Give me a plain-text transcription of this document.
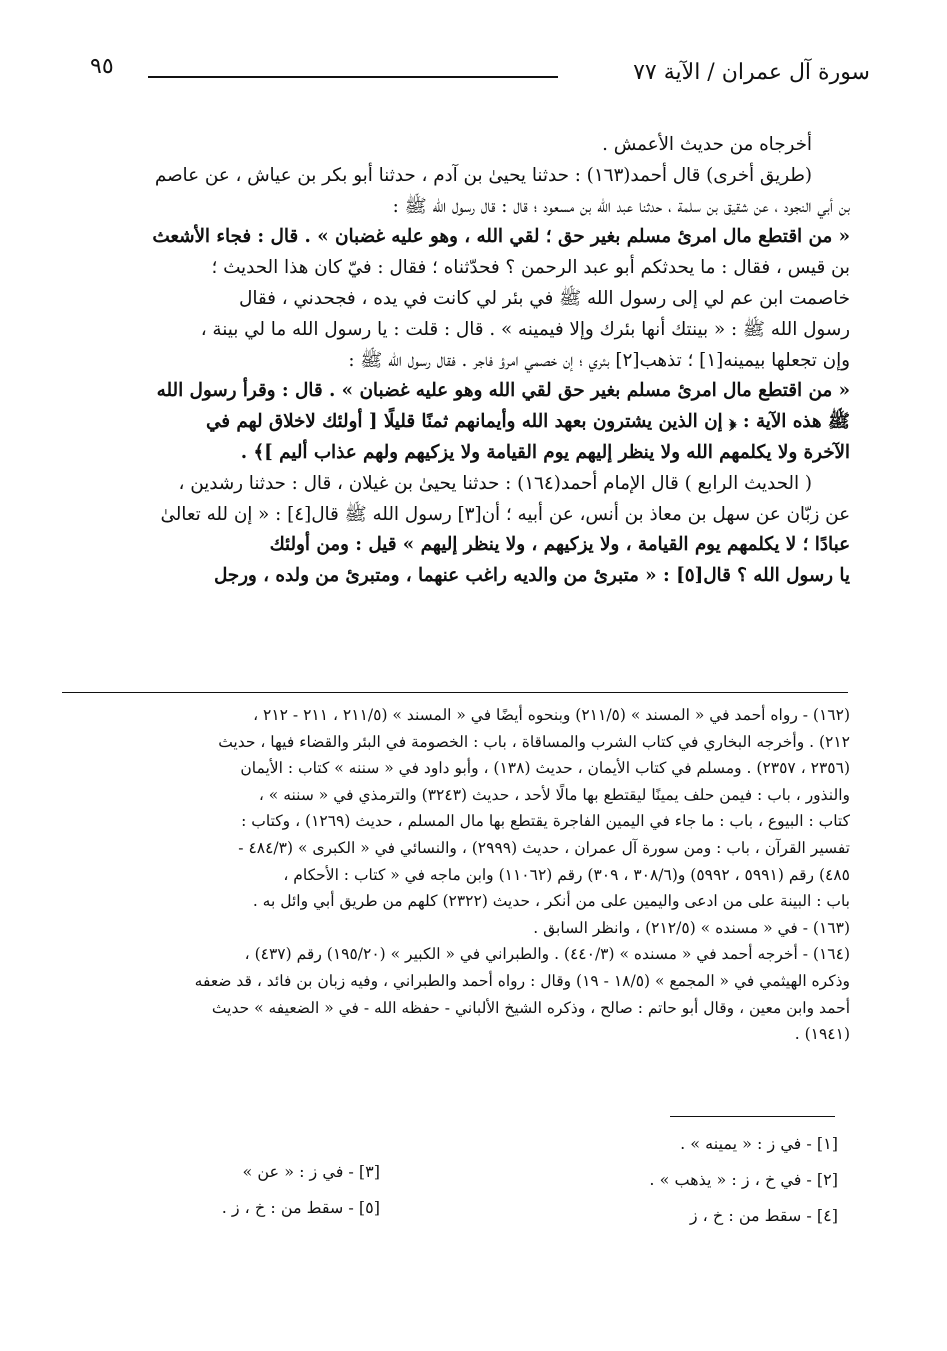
سورة آل عمران / الآية ٧٧
٩٥
أخرجاه من حديث الأعمش .
(طريق أخرى) قال أحمد(١٦٣) : حدثنا يحيىٰ بن آدم ، حدثنا أبو بكر بن عياش ، عن عاصم
بن أبي النجود ، عن شقيق بن سلمة ، حدثنا عبد الله بن مسعود ؛ قال : قال رسول الله ﷺ :
« من اقتطع مال امرئ مسلم بغير حق ؛ لقي الله ، وهو عليه غضبان » . قال : فجاء الأشعث
بن قيس ، فقال : ما يحدثكم أبو عبد الرحمن ؟ فحدّثناه ؛ فقال : فيّ كان هذا الحديث ؛
خاصمت ابن عم لي إلى رسول الله ﷺ في بئر لي كانت في يده ، فجحدني ، فقال
رسول الله ﷺ : « بينتك أنها بئرك وإلا فيمينه » . قال : قلت : يا رسول الله ما لي بينة ،
وإن تجعلها بيمينه[١] ؛ تذهب[٢] بئري ؛ إن خصمي امرؤ فاجر . فقال رسول الله ﷺ :
« من اقتطع مال امرئ مسلم بغير حق لقي الله وهو عليه غضبان » . قال : وقرأ رسول الله
ﷺ هذه الآية : ﴿ إن الذين يشترون بعهد الله وأيمانهم ثمنًا قليلًا [ أولئك لاخلاق لهم في
الآخرة ولا يكلمهم الله ولا ينظر إليهم يوم القيامة ولا يزكيهم ولهم عذاب أليم ]﴾ .
( الحديث الرابع ) قال الإمام أحمد(١٦٤) : حدثنا يحيىٰ بن غيلان ، قال : حدثنا رشدين ،
عن زبّان عن سهل بن معاذ بن أنس، عن أبيه ؛ أن[٣] رسول الله ﷺ قال[٤] : « إن لله تعالىٰ
عبادًا ؛ لا يكلمهم يوم القيامة ، ولا يزكيهم ، ولا ينظر إليهم » قيل : ومن أولئك
يا رسول الله ؟ قال[٥] : « متبرئ من والديه راغب عنهما ، ومتبرئ من ولده ، ورجل
(١٦٢) - رواه أحمد في « المسند » (٢١١/٥) وبنحوه أيضًا في « المسند » (٢١١/٥ ، ٢١١ - ٢١٢ ،
٢١٢) . وأخرجه البخاري في كتاب الشرب والمساقاة ، باب : الخصومة في البئر والقضاء فيها ، حديث
(٢٣٥٦ ، ٢٣٥٧) . ومسلم في كتاب الأيمان ، حديث (١٣٨) ، وأبو داود في « سننه » كتاب : الأيمان
والنذور ، باب : فيمن حلف يمينًا ليقتطع بها مالًا لأحد ، حديث (٣٢٤٣) والترمذي في « سننه » ،
كتاب : البيوع ، باب : ما جاء في اليمين الفاجرة يقتطع بها مال المسلم ، حديث (١٢٦٩) ، وكتاب :
تفسير القرآن ، باب : ومن سورة آل عمران ، حديث (٢٩٩٩) ، والنسائي في « الكبرى » (٤٨٤/٣ -
٤٨٥) رقم (٥٩٩١ ، ٥٩٩٢) و(٣٠٨/٦ ، ٣٠٩) رقم (١١٠٦٢) وابن ماجه في « كتاب : الأحكام ،
باب : البينة على من ادعى واليمين على من أنكر ، حديث (٢٣٢٢) كلهم من طريق أبي وائل به .
(١٦٣) - في « مسنده » (٢١٢/٥) ، وانظر السابق .
(١٦٤) - أخرجه أحمد في « مسنده » (٤٤٠/٣) . والطبراني في « الكبير » (١٩٥/٢٠) رقم (٤٣٧) ،
وذكره الهيثمي في « المجمع » (١٨/٥ - ١٩) وقال : رواه أحمد والطبراني ، وفيه زبان بن فائد ، قد ضعفه
أحمد وابن معين ، وقال أبو حاتم : صالح ، وذكره الشيخ الألباني - حفظه الله - في « الضعيفه » حديث
(١٩٤١) .
[١] - في ز : « يمينه » .
[٢] - في خ ، ز : « يذهب » .
[٤] - سقط من : خ ، ز
[٣] - في ز : « عن »
[٥] - سقط من : خ ، ز .
